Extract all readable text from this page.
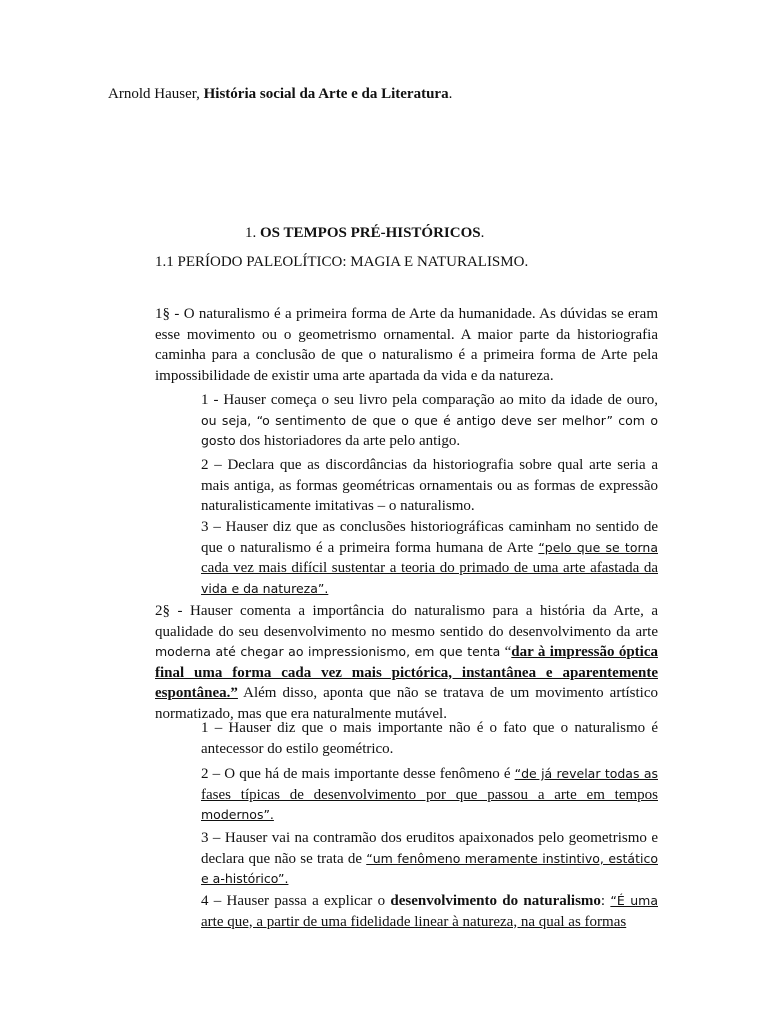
Arnold Hauser, História social da Arte e da Literatura.

1. OS TEMPOS PRÉ-HISTÓRICOS.

1.1 PERÍODO PALEOLÍTICO: MAGIA E NATURALISMO.

1§ - O naturalismo é a primeira forma de Arte da humanidade. As dúvidas se eram esse movimento ou o geometrismo ornamental. A maior parte da historiografia caminha para a conclusão de que o naturalismo é a primeira forma de Arte pela impossibilidade de existir uma arte apartada da vida e da natureza.

1 - Hauser começa o seu livro pela comparação ao mito da idade de ouro, ou seja, “o sentimento de que o que é antigo deve ser melhor” com o gosto dos historiadores da arte pelo antigo.

2 – Declara que as discordâncias da historiografia sobre qual arte seria a mais antiga, as formas geométricas ornamentais ou as formas de expressão naturalisticamente imitativas – o naturalismo.

3 – Hauser diz que as conclusões historiográficas caminham no sentido de que o naturalismo é a primeira forma humana de Arte “pelo que se torna cada vez mais difícil sustentar a teoria do primado de uma arte afastada da vida e da natureza”.

2§ - Hauser comenta a importância do naturalismo para a história da Arte, a qualidade do seu desenvolvimento no mesmo sentido do desenvolvimento da arte moderna até chegar ao impressionismo, em que tenta “dar à impressão óptica final uma forma cada vez mais pictórica, instantânea e aparentemente espontânea.” Além disso, aponta que não se tratava de um movimento artístico normatizado, mas que era naturalmente mutável.

1 – Hauser diz que o mais importante não é o fato que o naturalismo é antecessor do estilo geométrico.

2 – O que há de mais importante desse fenômeno é “de já revelar todas as fases típicas de desenvolvimento por que passou a arte em tempos modernos”.

3 – Hauser vai na contramão dos eruditos apaixonados pelo geometrismo e declara que não se trata de “um fenômeno meramente instintivo, estático e a-histórico”.

4 – Hauser passa a explicar o desenvolvimento do naturalismo: “É uma arte que, a partir de uma fidelidade linear à natureza, na qual as formas
